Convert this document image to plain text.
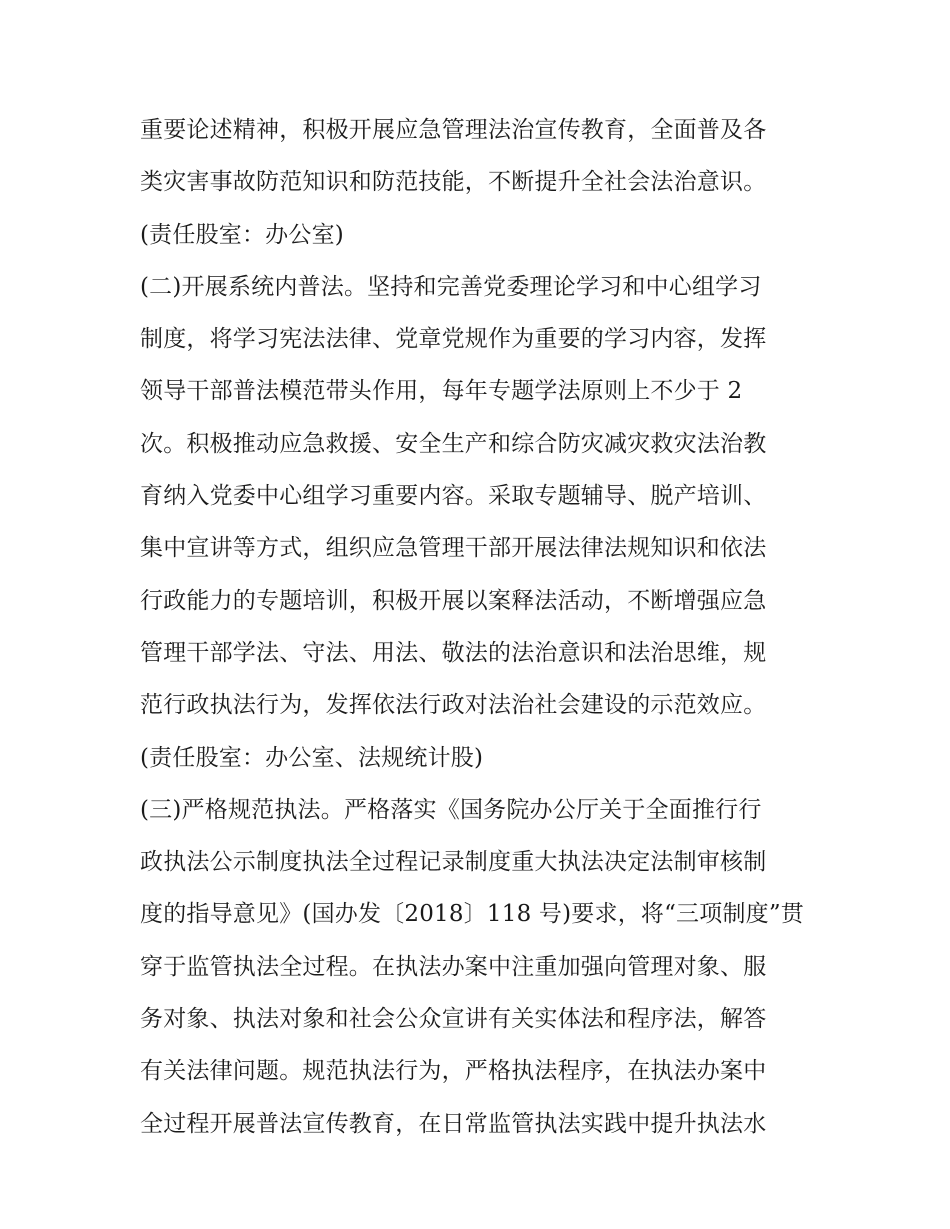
重要论述精神，积极开展应急管理法治宣传教育，全面普及各
类灾害事故防范知识和防范技能，不断提升全社会法治意识。
(责任股室：办公室)
(二)开展系统内普法。坚持和完善党委理论学习和中心组学习
制度，将学习宪法法律、党章党规作为重要的学习内容，发挥
领导干部普法模范带头作用，每年专题学法原则上不少于 2
次。积极推动应急救援、安全生产和综合防灾减灾救灾法治教
育纳入党委中心组学习重要内容。采取专题辅导、脱产培训、
集中宣讲等方式，组织应急管理干部开展法律法规知识和依法
行政能力的专题培训，积极开展以案释法活动，不断增强应急
管理干部学法、守法、用法、敬法的法治意识和法治思维，规
范行政执法行为，发挥依法行政对法治社会建设的示范效应。
(责任股室：办公室、法规统计股)
(三)严格规范执法。严格落实《国务院办公厅关于全面推行行
政执法公示制度执法全过程记录制度重大执法决定法制审核制
度的指导意见》(国办发〔2018〕118 号)要求，将“三项制度”贯
穿于监管执法全过程。在执法办案中注重加强向管理对象、服
务对象、执法对象和社会公众宣讲有关实体法和程序法，解答
有关法律问题。规范执法行为，严格执法程序，在执法办案中
全过程开展普法宣传教育，在日常监管执法实践中提升执法水
